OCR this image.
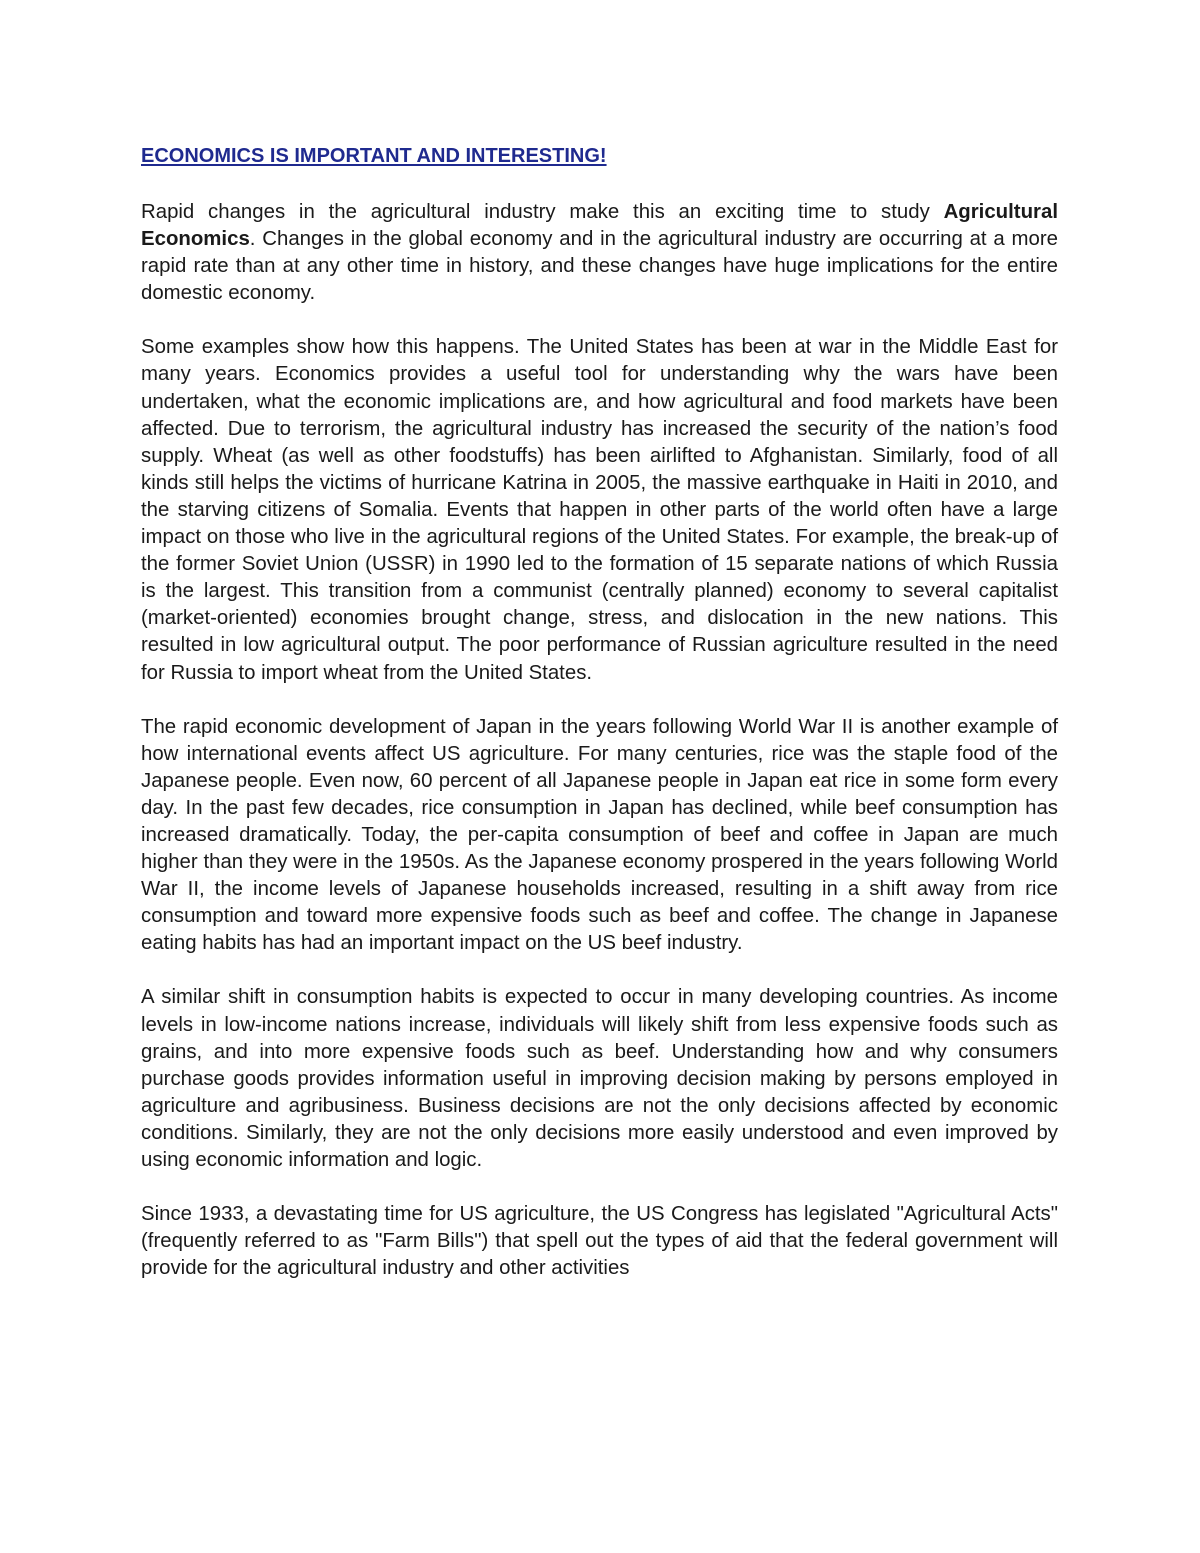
ECONOMICS IS IMPORTANT AND INTERESTING!

Rapid changes in the agricultural industry make this an exciting time to study Agricultural Economics. Changes in the global economy and in the agricultural industry are occurring at a more rapid rate than at any other time in history, and these changes have huge implications for the entire domestic economy.

Some examples show how this happens. The United States has been at war in the Middle East for many years. Economics provides a useful tool for understanding why the wars have been undertaken, what the economic implications are, and how agricultural and food markets have been affected. Due to terrorism, the agricultural industry has increased the security of the nation’s food supply. Wheat (as well as other foodstuffs) has been airlifted to Afghanistan. Similarly, food of all kinds still helps the victims of hurricane Katrina in 2005, the massive earthquake in Haiti in 2010, and the starving citizens of Somalia. Events that happen in other parts of the world often have a large impact on those who live in the agricultural regions of the United States. For example, the break-up of the former Soviet Union (USSR) in 1990 led to the formation of 15 separate nations of which Russia is the largest. This transition from a communist (centrally planned) economy to several capitalist (market-oriented) economies brought change, stress, and dislocation in the new nations. This resulted in low agricultural output. The poor performance of Russian agriculture resulted in the need for Russia to import wheat from the United States.

The rapid economic development of Japan in the years following World War II is another example of how international events affect US agriculture. For many centuries, rice was the staple food of the Japanese people. Even now, 60 percent of all Japanese people in Japan eat rice in some form every day. In the past few decades, rice consumption in Japan has declined, while beef consumption has increased dramatically. Today, the per-capita consumption of beef and coffee in Japan are much higher than they were in the 1950s. As the Japanese economy prospered in the years following World War II, the income levels of Japanese households increased, resulting in a shift away from rice consumption and toward more expensive foods such as beef and coffee. The change in Japanese eating habits has had an important impact on the US beef industry.

A similar shift in consumption habits is expected to occur in many developing countries. As income levels in low-income nations increase, individuals will likely shift from less expensive foods such as grains, and into more expensive foods such as beef. Understanding how and why consumers purchase goods provides information useful in improving decision making by persons employed in agriculture and agribusiness. Business decisions are not the only decisions affected by economic conditions. Similarly, they are not the only decisions more easily understood and even improved by using economic information and logic.

Since 1933, a devastating time for US agriculture, the US Congress has legislated "Agricultural Acts" (frequently referred to as "Farm Bills") that spell out the types of aid that the federal government will provide for the agricultural industry and other activities
